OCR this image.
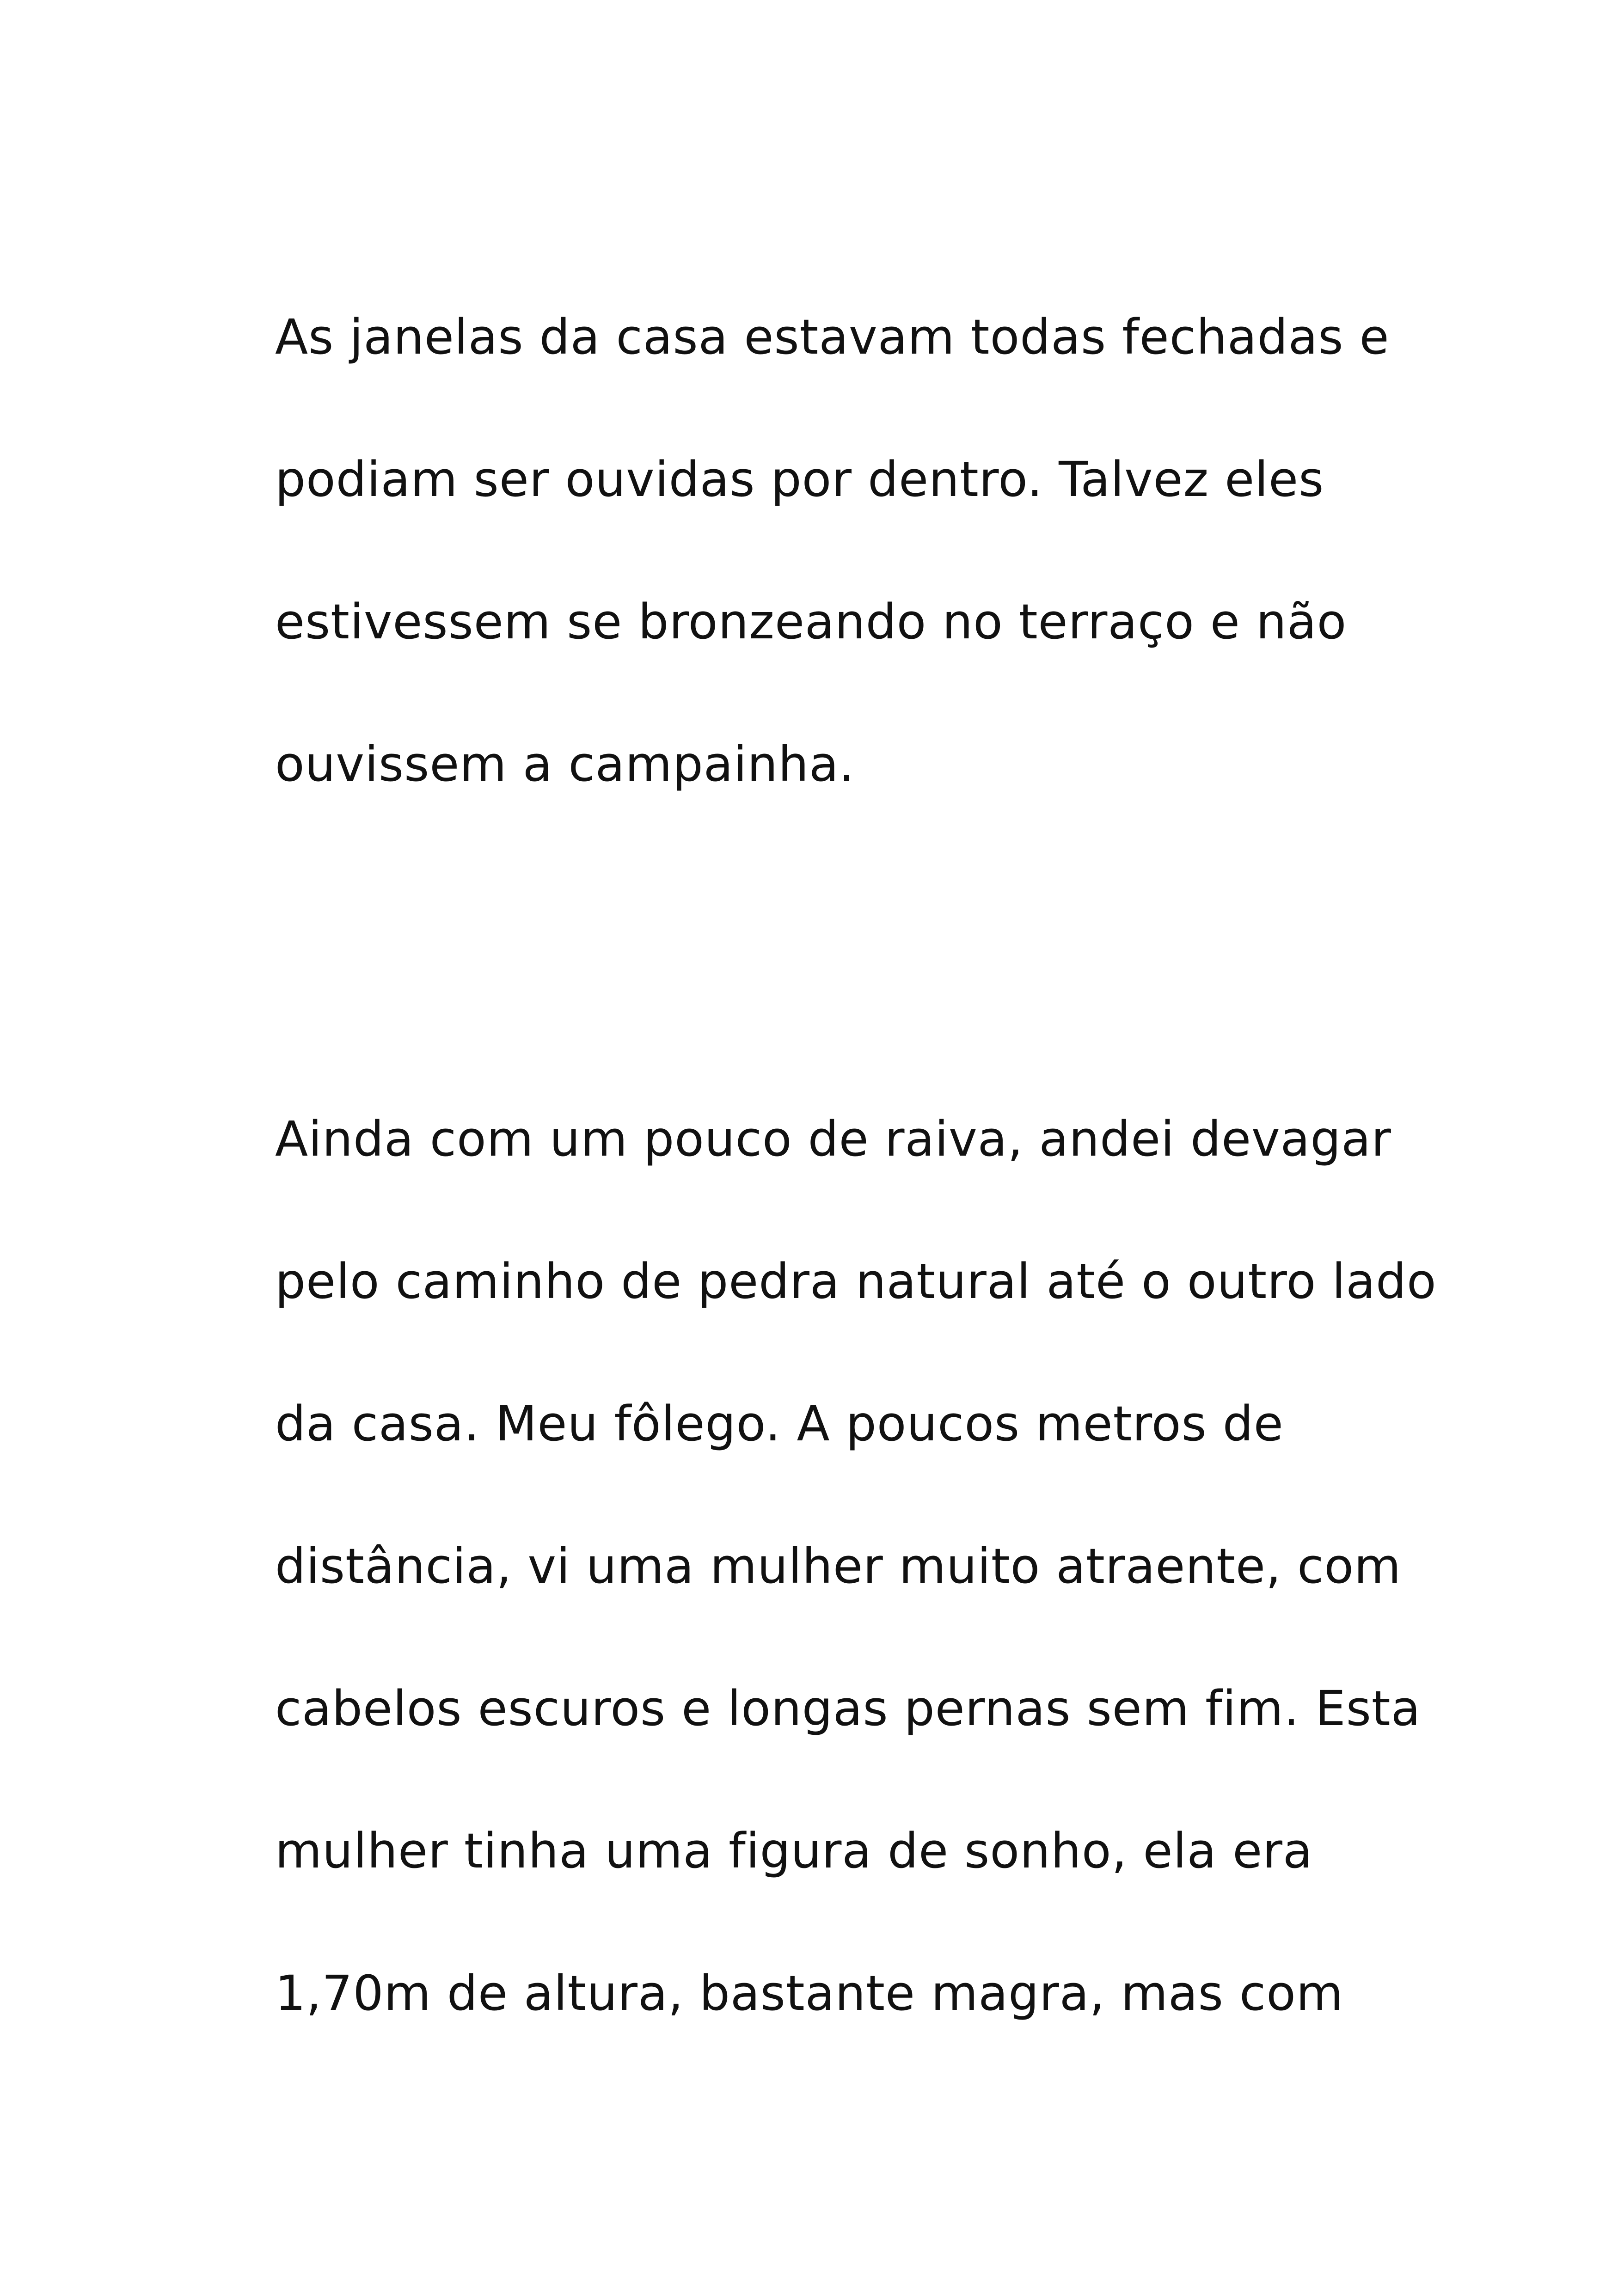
As janelas da casa estavam todas fechadas e
podiam ser ouvidas por dentro. Talvez eles
estivessem se bronzeando no terraço e não
ouvissem a campainha.
Ainda com um pouco de raiva, andei devagar
pelo caminho de pedra natural até o outro lado
da casa. Meu fôlego. A poucos metros de
distância, vi uma mulher muito atraente, com
cabelos escuros e longas pernas sem fim. Esta
mulher tinha uma figura de sonho, ela era
1,70m de altura, bastante magra, mas com
